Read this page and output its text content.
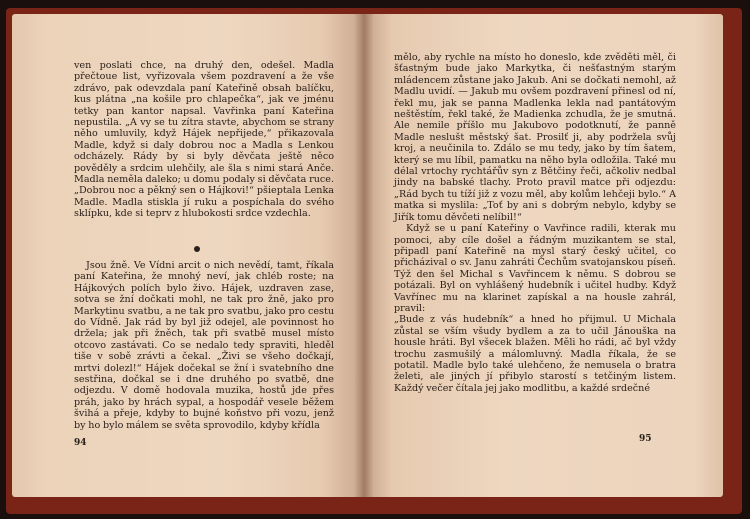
ven poslati chce, na druhý den, odešel. Madla přečtoue list, vyřizovala všem pozdravení a že vše zdrávo, pak odevzdala paní Kateřině obsah balíčku, kus plátna „na košile pro chlapečka“, jak ve jménu tetky pan kantor napsal. Vavřinka paní Kateřina nepustila. „A vy se tu zítra stavte, abychom se strany něho umluvily, když Hájek nepřijede,“ přikazovala Madle, když si daly dobrou noc a Madla s Lenkou odcházely. Rády by si byly děvčata ještě něco pověděly a srdcim ulehčily, ale šla s nimi stará Anče. Madla neměla daleko; u domu podaly si děvčata ruce. „Dobrou noc a pěkný sen o Hájkovi!“ pšieptala Lenka Madle. Madla stiskla jí ruku a pospíchala do svého sklípku, kde si teprv z hlubokosti srdce vzdechla.

Jsou žně. Ve Vídni arcit o nich nevědí, tamt, říkala paní Kateřina, že mnohý neví, jak chléb roste; na Hájkových polích bylo živo. Hájek, uzdraven zase, sotva se žní dočkati mohl, ne tak pro žně, jako pro Markytinu svatbu, a ne tak pro svatbu, jako pro cestu do Vídně. Jak rád by byl již odejel, ale povinnost ho držela; jak při žněch, tak při svatbě musel místo otcovo zastávati. Co se nedalo tedy spraviti, hleděl tiše v sobě zrávti a čekal. „Živi se všeho dočkají, mrtvi dolezl!“ Hájek dočekal se žní i svatebního dne sestřina, dočkal se i dne druhého po svatbě, dne odjezdu. V domě hodovala muzika, hostů jde přes práh, jako by hrách sypal, a hospodář vesele běžem švihá a přeje, kdyby to bujné koňstvo při vozu, jenž by ho bylo málem se světa sprovodilo, kdyby křídla

94

mělo, aby rychle na místo ho doneslo, kde zvěděti měl, či šťastným bude jako Markytka, či nešťastným starým mládencem zůstane jako Jakub. Ani se dočkati nemohl, až Madlu uvidí. — Jakub mu ovšem pozdravení přinesl od ní, řekl mu, jak se panna Madlenka lekla nad pantátovým neštěstím, řekl také, že Madienka zchudla, že je smutná. Ale nemile příšlo mu Jakubovo podotknutí, že panně Madle neslušt městský šat. Prosilť ji, aby podržela svůj kroj, a neučinila to. Zdálo se mu tedy, jako by tím šatem, který se mu líbil, pamatku na něho byla odložila. Také mu délal vrtochy rychtářův syn z Bětčiny řeči, ačkoliv nedbal jindy na babské tlachy. Proto pravil matce při odjezdu: „Rád bych tu tíží již z vozu měl, aby kolům lehčeji bylo.“ A matka si myslila: „Toť by ani s dobrým nebylo, kdyby se Jiřík tomu děvčeti nelíbil!“

Když se u paní Kateřiny o Vavřince radili, kterak mu pomoci, aby cíle došel a řádným muzikantem se stal, připadl paní Kateřině na mysl starý český učitel, co přicházival o sv. Janu zahráti Čechům svatojanskou píseň. Týž den šel Michal s Vavřincem k němu. S dobrou se potázali. Byl on vyhlášený hudebník i učitel hudby. Když Vavřínec mu na klarinet zapískal a na housle zahrál, pravil:

„Bude z vás hudebník“ a hned ho přijmul. U Michala zůstal se vším všudy bydlem a za to učil Jánouška na housle hráti. Byl všecek blažen. Měli ho rádi, ač byl vždy trochu zasmušilý a málomluvný. Madla říkala, že se potatil. Madle bylo také ulehčeno, že nemusela o bratra želeti, ale jiných jí přibylo starostí s tetčiným listem. Každý večer čítala jej jako modlitbu, a každé srdečné

95
